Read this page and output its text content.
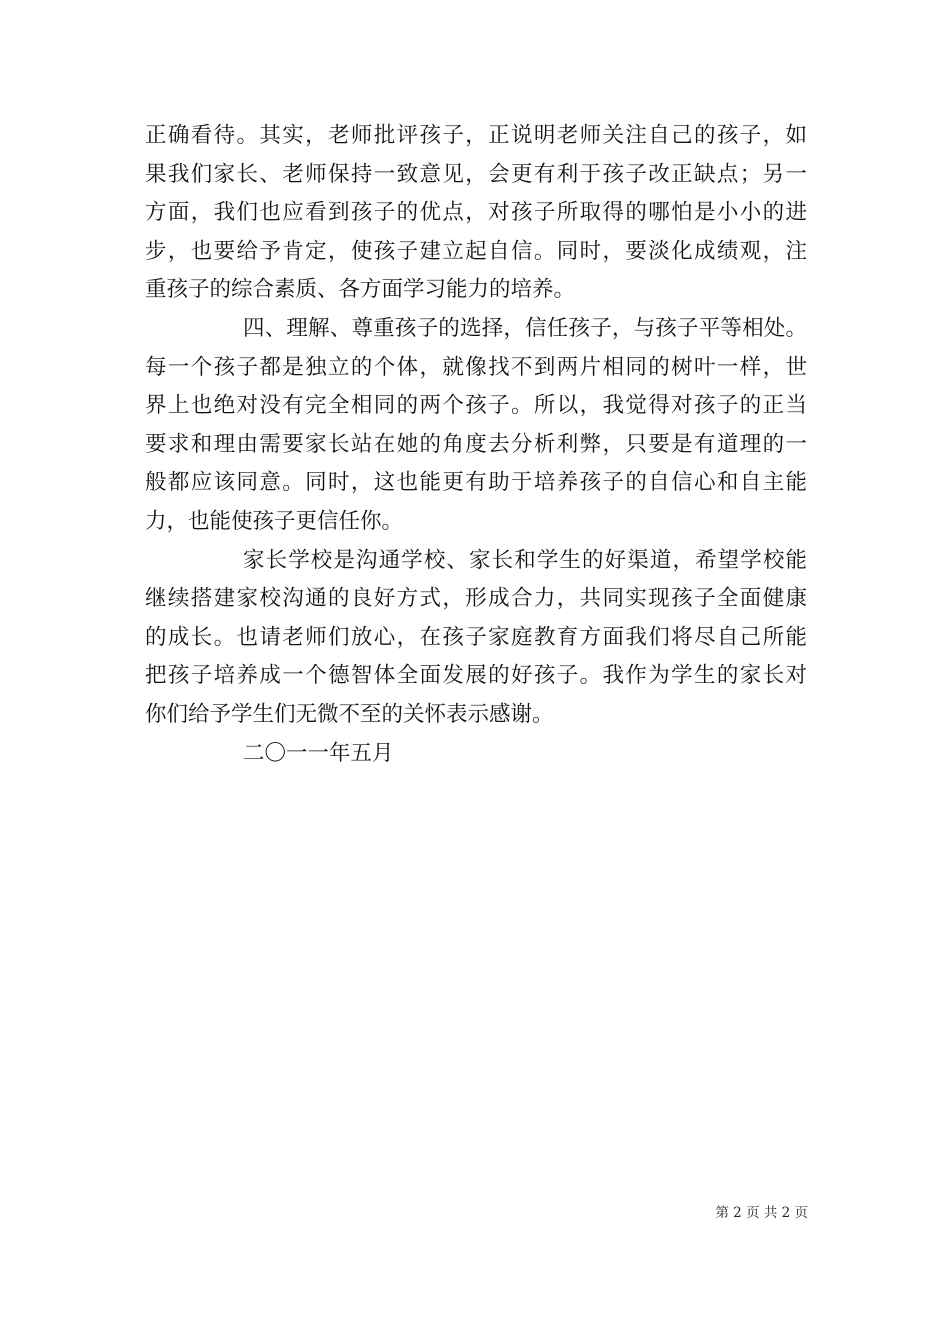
正确看待。其实，老师批评孩子，正说明老师关注自己的孩子，如
果我们家长、老师保持一致意见，会更有利于孩子改正缺点；另一
方面，我们也应看到孩子的优点，对孩子所取得的哪怕是小小的进
步，也要给予肯定，使孩子建立起自信。同时，要淡化成绩观，注
重孩子的综合素质、各方面学习能力的培养。
四、理解、尊重孩子的选择，信任孩子，与孩子平等相处。
每一个孩子都是独立的个体，就像找不到两片相同的树叶一样，世
界上也绝对没有完全相同的两个孩子。所以，我觉得对孩子的正当
要求和理由需要家长站在她的角度去分析利弊，只要是有道理的一
般都应该同意。同时，这也能更有助于培养孩子的自信心和自主能
力，也能使孩子更信任你。
家长学校是沟通学校、家长和学生的好渠道，希望学校能
继续搭建家校沟通的良好方式，形成合力，共同实现孩子全面健康
的成长。也请老师们放心，在孩子家庭教育方面我们将尽自己所能
把孩子培养成一个德智体全面发展的好孩子。我作为学生的家长对
你们给予学生们无微不至的关怀表示感谢。
二〇一一年五月
第 2 页 共 2 页
